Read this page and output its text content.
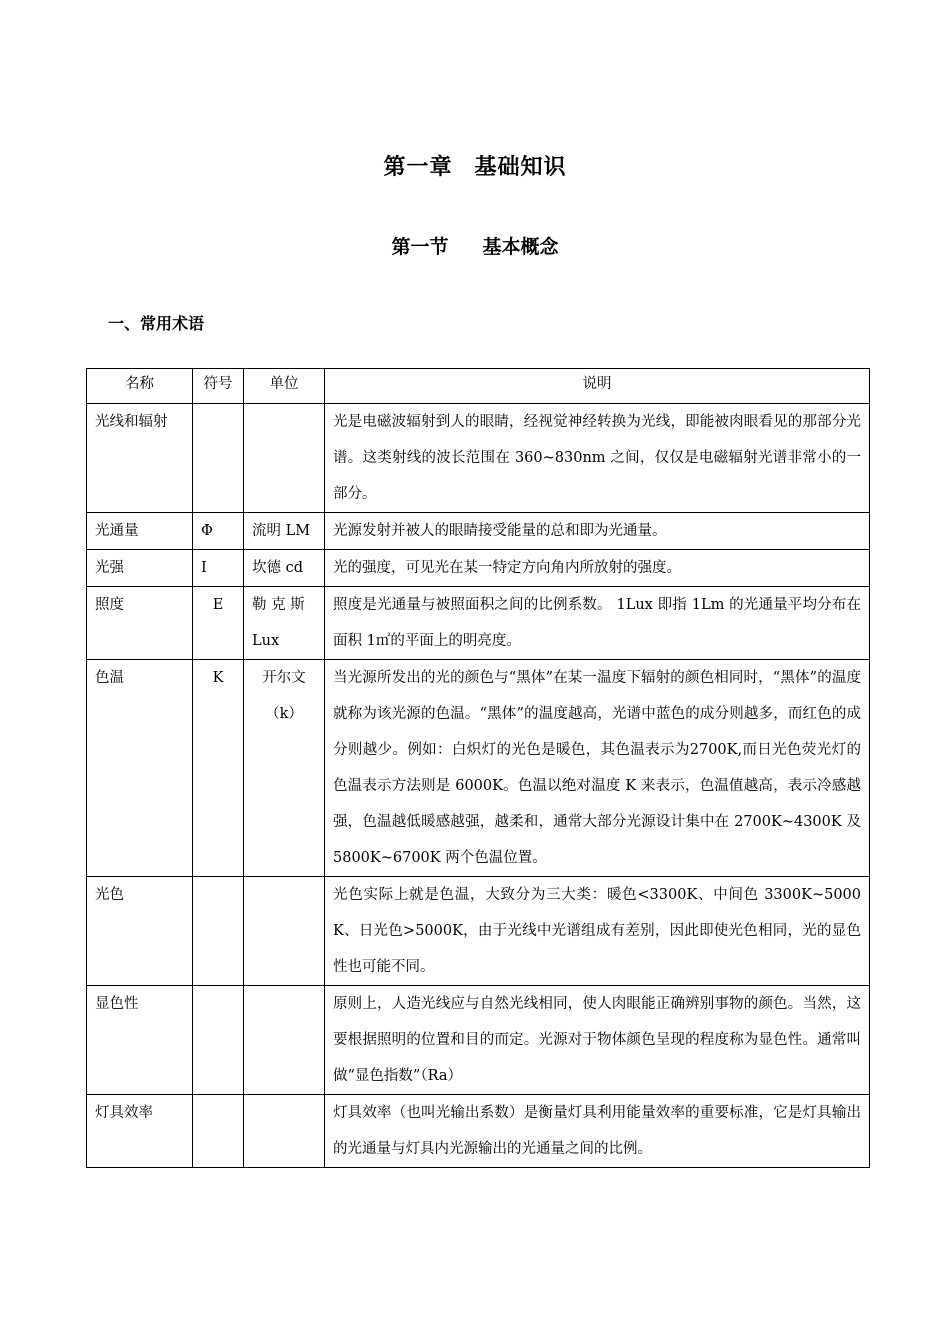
第一章 基础知识
第一节 基本概念
一、常用术语
名称	符号	单位	说明
光线和辐射			光是电磁波辐射到人的眼睛，经视觉神经转换为光线，即能被肉眼看见的那部分光谱。这类射线的波长范围在 360~830nm 之间，仅仅是电磁辐射光谱非常小的一部分。
光通量	Φ	流明 LM	光源发射并被人的眼睛接受能量的总和即为光通量。
光强	I	坎德 cd	光的强度，可见光在某一特定方向角内所放射的强度。
照度	E	勒 克 斯 Lux	照度是光通量与被照面积之间的比例系数。 1Lux 即指 1Lm 的光通量平均分布在面积 1㎡的平面上的明亮度。
色温	K	开尔文（k）	当光源所发出的光的颜色与“黑体”在某一温度下辐射的颜色相同时，“黑体”的温度就称为该光源的色温。“黑体”的温度越高，光谱中蓝色的成分则越多，而红色的成分则越少。例如：白炽灯的光色是暖色，其色温表示为2700K,而日光色荧光灯的色温表示方法则是 6000K。色温以绝对温度 K 来表示，色温值越高，表示冷感越强，色温越低暖感越强，越柔和，通常大部分光源设计集中在 2700K~4300K 及 5800K~6700K 两个色温位置。
光色			光色实际上就是色温，大致分为三大类：暖色<3300K、中间色 3300K~5000K、日光色>5000K，由于光线中光谱组成有差别，因此即使光色相同，光的显色性也可能不同。
显色性			原则上，人造光线应与自然光线相同，使人肉眼能正确辨别事物的颜色。当然，这要根据照明的位置和目的而定。光源对于物体颜色呈现的程度称为显色性。通常叫做“显色指数”（Ra）
灯具效率			灯具效率（也叫光输出系数）是衡量灯具利用能量效率的重要标准，它是灯具输出的光通量与灯具内光源输出的光通量之间的比例。
